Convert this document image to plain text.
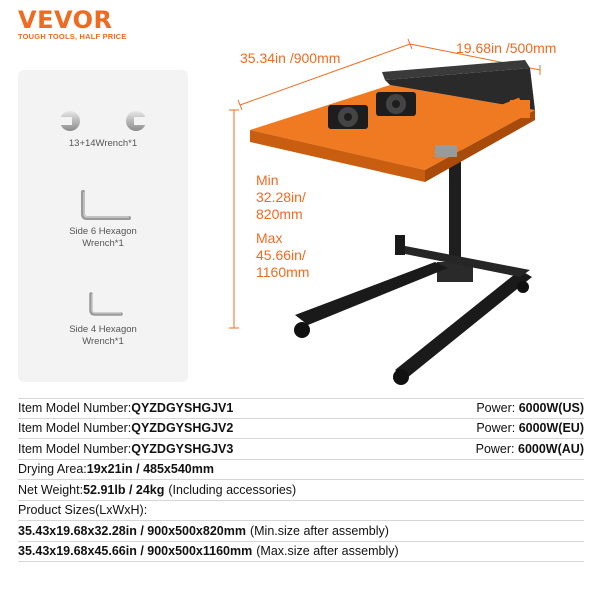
VEVOR
TOUGH TOOLS, HALF PRICE
13+14Wrench*1
Side 6 Hexagon
Wrench*1
Side 4 Hexagon
Wrench*1
35.34in /900mm
19.68in /500mm
Min
32.28in/
820mm
Max
45.66in/
1160mm
Item Model Number: QYZDGYSHGJV1	Power: 6000W(US)
Item Model Number: QYZDGYSHGJV2	Power: 6000W(EU)
Item Model Number: QYZDGYSHGJV3	Power: 6000W(AU)
Drying Area: 19x21in / 485x540mm
Net Weight: 52.91lb / 24kg (Including accessories)
Product Sizes(LxWxH):
35.43x19.68x32.28in / 900x500x820mm (Min.size after assembly)
35.43x19.68x45.66in / 900x500x1160mm (Max.size after assembly)
